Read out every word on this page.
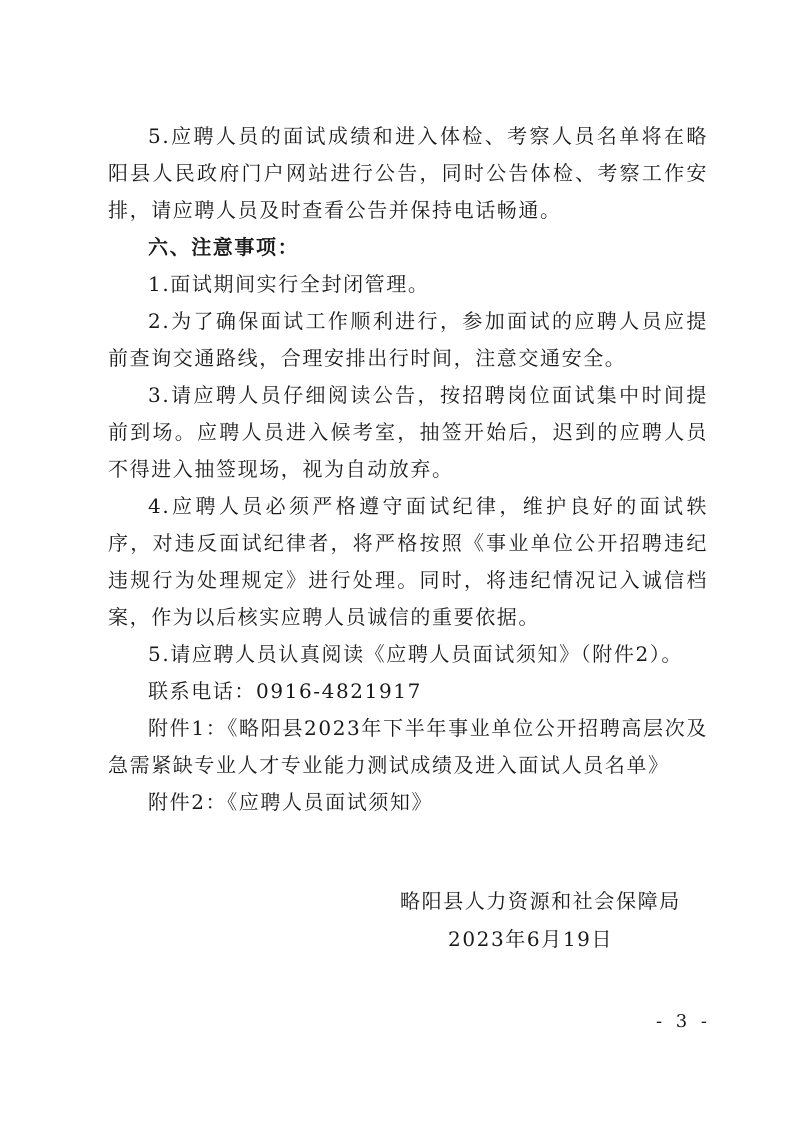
5.应聘人员的面试成绩和进入体检、考察人员名单将在略阳县人民政府门户网站进行公告，同时公告体检、考察工作安排，请应聘人员及时查看公告并保持电话畅通。

六、注意事项：

1.面试期间实行全封闭管理。

2.为了确保面试工作顺利进行，参加面试的应聘人员应提前查询交通路线，合理安排出行时间，注意交通安全。

3.请应聘人员仔细阅读公告，按招聘岗位面试集中时间提前到场。应聘人员进入候考室，抽签开始后，迟到的应聘人员不得进入抽签现场，视为自动放弃。

4.应聘人员必须严格遵守面试纪律，维护良好的面试轶序，对违反面试纪律者，将严格按照《事业单位公开招聘违纪违规行为处理规定》进行处理。同时，将违纪情况记入诚信档案，作为以后核实应聘人员诚信的重要依据。

5.请应聘人员认真阅读《应聘人员面试须知》（附件2）。

联系电话：0916-4821917

附件1：《略阳县2023年下半年事业单位公开招聘高层次及急需紧缺专业人才专业能力测试成绩及进入面试人员名单》

附件2：《应聘人员面试须知》

略阳县人力资源和社会保障局
2023年6月19日
- 3 -
